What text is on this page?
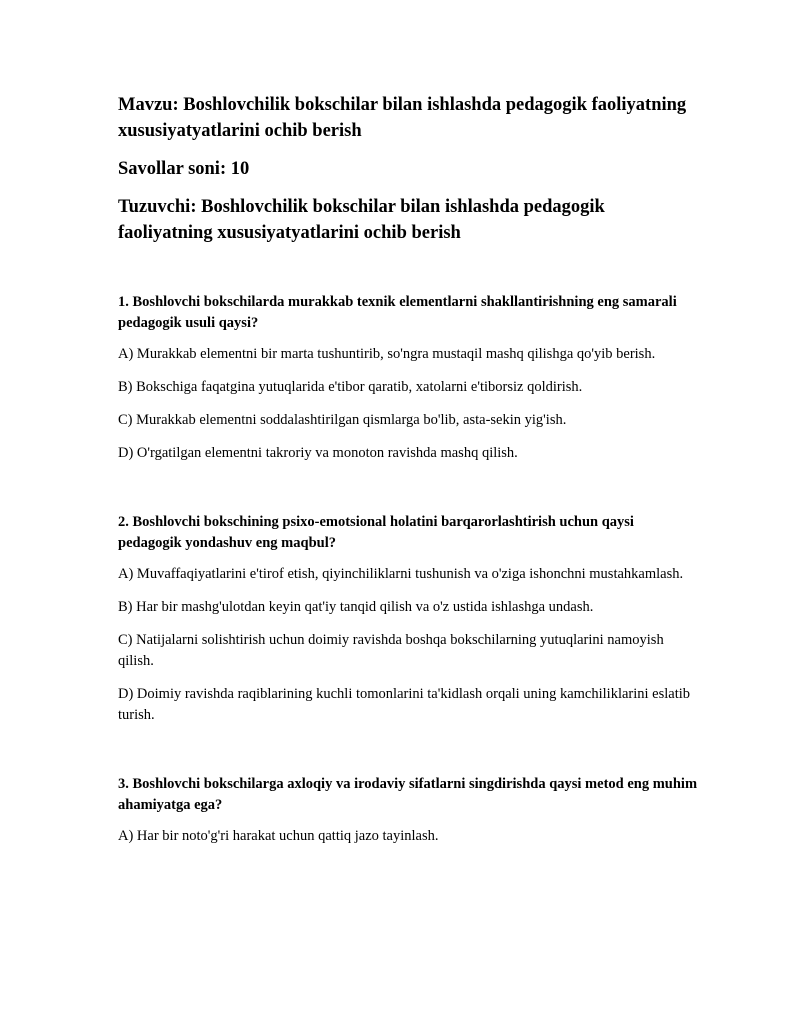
Mavzu: Boshlovchilik bokschilar bilan ishlashda pedagogik faoliyatning xususiyatyatlarini ochib berish

Savollar soni: 10

Tuzuvchi: Boshlovchilik bokschilar bilan ishlashda pedagogik faoliyatning xususiyatyatlarini ochib berish

1. Boshlovchi bokschilarda murakkab texnik elementlarni shakllantirishning eng samarali pedagogik usuli qaysi?

A) Murakkab elementni bir marta tushuntirib, so'ngra mustaqil mashq qilishga qo'yib berish.

B) Bokschiga faqatgina yutuqlarida e'tibor qaratib, xatolarni e'tiborsiz qoldirish.

C) Murakkab elementni soddalashtirilgan qismlarga bo'lib, asta-sekin yig'ish.

D) O'rgatilgan elementni takroriy va monoton ravishda mashq qilish.

2. Boshlovchi bokschining psixo-emotsional holatini barqarorlashtirish uchun qaysi pedagogik yondashuv eng maqbul?

A) Muvaffaqiyatlarini e'tirof etish, qiyinchiliklarni tushunish va o'ziga ishonchni mustahkamlash.

B) Har bir mashg'ulotdan keyin qat'iy tanqid qilish va o'z ustida ishlashga undash.

C) Natijalarni solishtirish uchun doimiy ravishda boshqa bokschilarning yutuqlarini namoyish qilish.

D) Doimiy ravishda raqiblarining kuchli tomonlarini ta'kidlash orqali uning kamchiliklarini eslatib turish.

3. Boshlovchi bokschilarga axloqiy va irodaviy sifatlarni singdirishda qaysi metod eng muhim ahamiyatga ega?

A) Har bir noto'g'ri harakat uchun qattiq jazo tayinlash.
